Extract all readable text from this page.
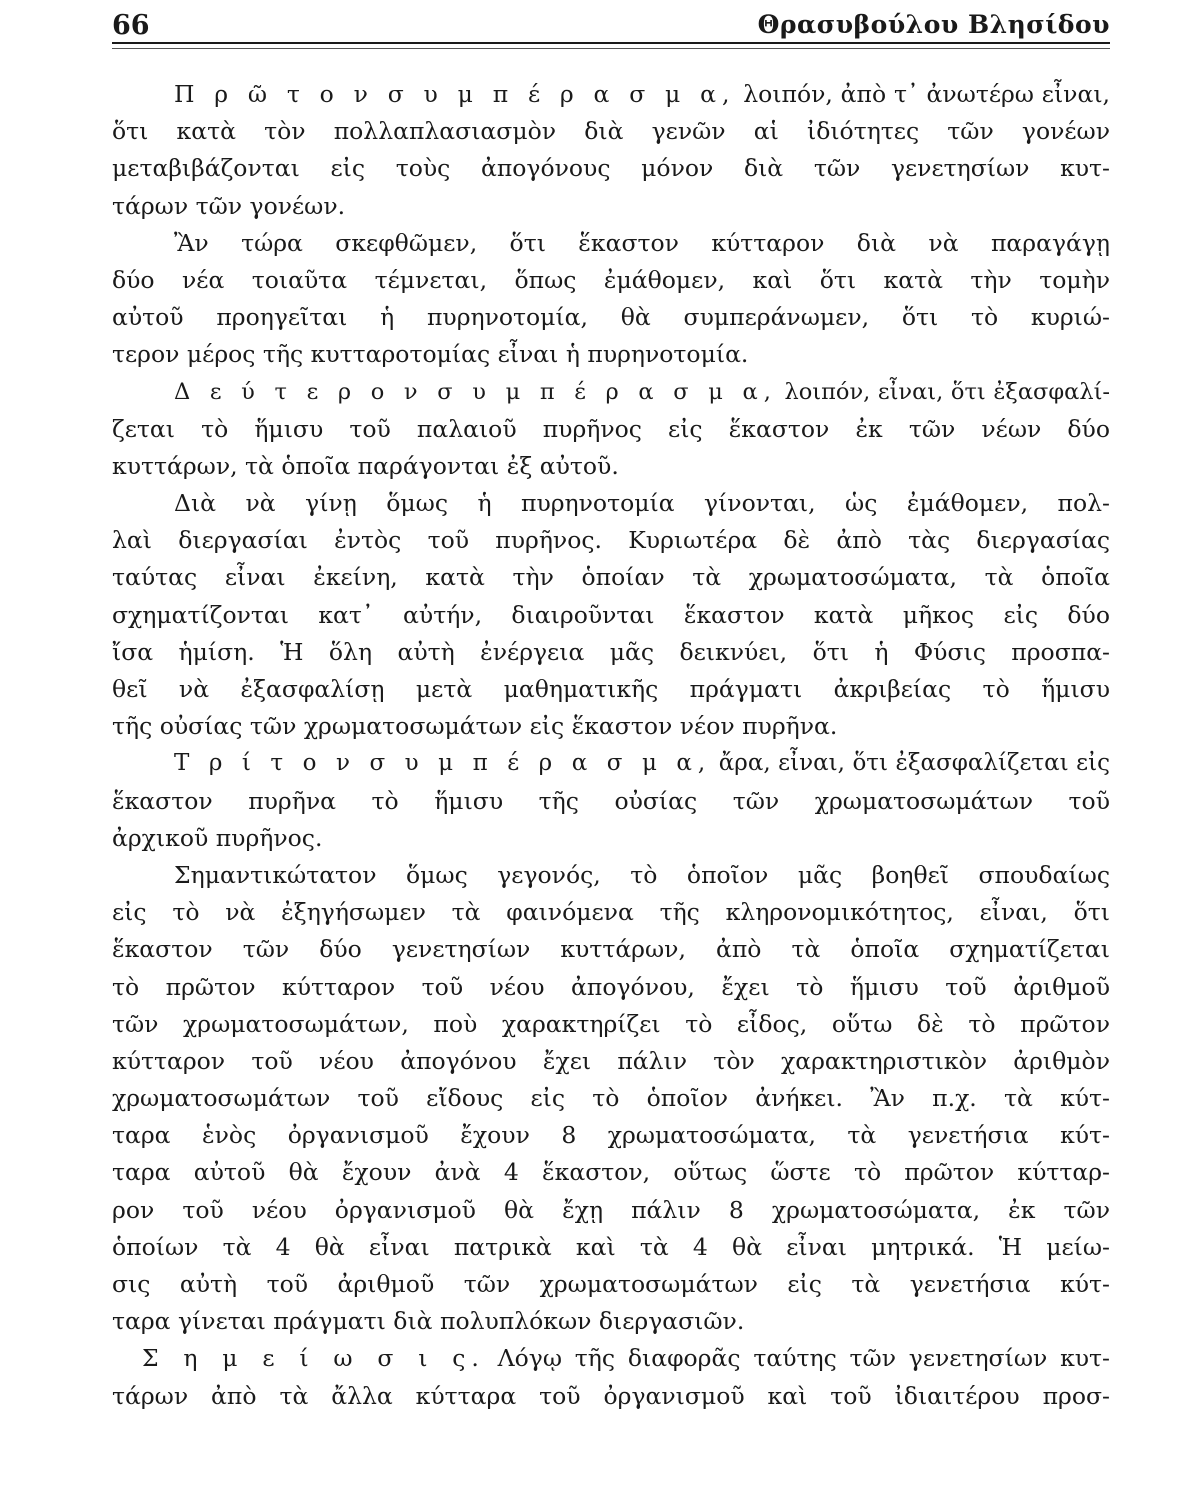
66	Θρασυβούλου Βλησίδου
Π ρ ῶ τ ο ν σ υ μ π έ ρ α σ μ α, λοιπόν, ἀπὸ τ᾽ ἀνωτέρω εἶναι,
ὅτι κατὰ τὸν πολλαπλασιασμὸν διὰ γενῶν αἱ ἰδιότητες τῶν γονέων
μεταβιβάζονται εἰς τοὺς ἀπογόνους μόνον διὰ τῶν γενετησίων κυτ-
τάρων τῶν γονέων.
Ἂν τώρα σκεφθῶμεν, ὅτι ἕκαστον κύτταρον διὰ νὰ παραγάγῃ
δύο νέα τοιαῦτα τέμνεται, ὅπως ἐμάθομεν, καὶ ὅτι κατὰ τὴν τομὴν
αὐτοῦ προηγεῖται ἡ πυρηνοτομία, θὰ συμπεράνωμεν, ὅτι τὸ κυριώ-
τερον μέρος τῆς κυτταροτομίας εἶναι ἡ πυρηνοτομία.
Δ ε ύ τ ε ρ ο ν σ υ μ π έ ρ α σ μ α, λοιπόν, εἶναι, ὅτι ἐξασφαλί-
ζεται τὸ ἥμισυ τοῦ παλαιοῦ πυρῆνος εἰς ἕκαστον ἐκ τῶν νέων δύο
κυττάρων, τὰ ὁποῖα παράγονται ἐξ αὐτοῦ.
Διὰ νὰ γίνῃ ὅμως ἡ πυρηνοτομία γίνονται, ὡς ἐμάθομεν, πολ-
λαὶ διεργασίαι ἐντὸς τοῦ πυρῆνος. Κυριωτέρα δὲ ἀπὸ τὰς διεργασίας
ταύτας εἶναι ἐκείνη, κατὰ τὴν ὁποίαν τὰ χρωματοσώματα, τὰ ὁποῖα
σχηματίζονται κατ᾽ αὐτήν, διαιροῦνται ἕκαστον κατὰ μῆκος εἰς δύο
ἴσα ἡμίση. Ἡ ὅλη αὐτὴ ἐνέργεια μᾶς δεικνύει, ὅτι ἡ Φύσις προσπα-
θεῖ νὰ ἐξασφαλίσῃ μετὰ μαθηματικῆς πράγματι ἀκριβείας τὸ ἥμισυ
τῆς οὐσίας τῶν χρωματοσωμάτων εἰς ἕκαστον νέον πυρῆνα.
Τ ρ ί τ ο ν σ υ μ π έ ρ α σ μ α, ἄρα, εἶναι, ὅτι ἐξασφαλίζεται εἰς
ἕκαστον πυρῆνα τὸ ἥμισυ τῆς οὐσίας τῶν χρωματοσωμάτων τοῦ
ἀρχικοῦ πυρῆνος.
Σημαντικώτατον ὅμως γεγονός, τὸ ὁποῖον μᾶς βοηθεῖ σπουδαίως
εἰς τὸ νὰ ἐξηγήσωμεν τὰ φαινόμενα τῆς κληρονομικότητος, εἶναι, ὅτι
ἕκαστον τῶν δύο γενετησίων κυττάρων, ἀπὸ τὰ ὁποῖα σχηματίζεται
τὸ πρῶτον κύτταρον τοῦ νέου ἀπογόνου, ἔχει τὸ ἥμισυ τοῦ ἀριθμοῦ
τῶν χρωματοσωμάτων, ποὺ χαρακτηρίζει τὸ εἶδος, οὕτω δὲ τὸ πρῶτον
κύτταρον τοῦ νέου ἀπογόνου ἔχει πάλιν τὸν χαρακτηριστικὸν ἀριθμὸν
χρωματοσωμάτων τοῦ εἴδους εἰς τὸ ὁποῖον ἀνήκει. Ἂν π.χ. τὰ κύτ-
ταρα ἑνὸς ὀργανισμοῦ ἔχουν 8 χρωματοσώματα, τὰ γενετήσια κύτ-
ταρα αὐτοῦ θὰ ἔχουν ἀνὰ 4 ἕκαστον, οὕτως ὥστε τὸ πρῶτον κύτταρ-
ρον τοῦ νέου ὀργανισμοῦ θὰ ἔχῃ πάλιν 8 χρωματοσώματα, ἐκ τῶν
ὁποίων τὰ 4 θὰ εἶναι πατρικὰ καὶ τὰ 4 θὰ εἶναι μητρικά. Ἡ μείω-
σις αὐτὴ τοῦ ἀριθμοῦ τῶν χρωματοσωμάτων εἰς τὰ γενετήσια κύτ-
ταρα γίνεται πράγματι διὰ πολυπλόκων διεργασιῶν.
Σ η μ ε ί ω σ ι ς. Λόγῳ τῆς διαφορᾶς ταύτης τῶν γενετησίων κυτ-
τάρων ἀπὸ τὰ ἄλλα κύτταρα τοῦ ὀργανισμοῦ καὶ τοῦ ἰδιαιτέρου προσ-
